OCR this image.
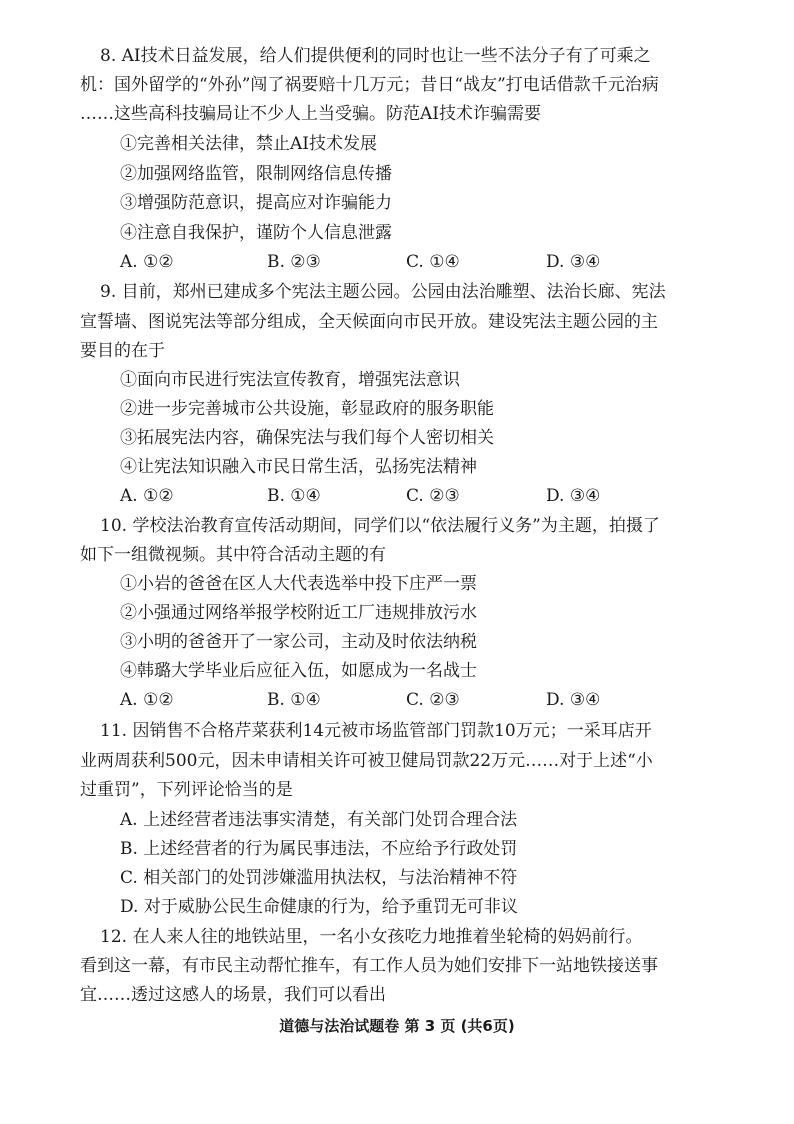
8. AI技术日益发展，给人们提供便利的同时也让一些不法分子有了可乘之
机：国外留学的“外孙”闯了祸要赔十几万元；昔日“战友”打电话借款千元治病
……这些高科技骗局让不少人上当受骗。防范AI技术诈骗需要
①完善相关法律，禁止AI技术发展
②加强网络监管，限制网络信息传播
③增强防范意识，提高应对诈骗能力
④注意自我保护，谨防个人信息泄露
A. ①②	B. ②③	C. ①④	D. ③④
9. 目前，郑州已建成多个宪法主题公园。公园由法治雕塑、法治长廊、宪法
宣誓墙、图说宪法等部分组成，全天候面向市民开放。建设宪法主题公园的主
要目的在于
①面向市民进行宪法宣传教育，增强宪法意识
②进一步完善城市公共设施，彰显政府的服务职能
③拓展宪法内容，确保宪法与我们每个人密切相关
④让宪法知识融入市民日常生活，弘扬宪法精神
A. ①②	B. ①④	C. ②③	D. ③④
10. 学校法治教育宣传活动期间，同学们以“依法履行义务”为主题，拍摄了
如下一组微视频。其中符合活动主题的有
①小岩的爸爸在区人大代表选举中投下庄严一票
②小强通过网络举报学校附近工厂违规排放污水
③小明的爸爸开了一家公司，主动及时依法纳税
④韩璐大学毕业后应征入伍，如愿成为一名战士
A. ①②	B. ①④	C. ②③	D. ③④
11. 因销售不合格芹菜获利14元被市场监管部门罚款10万元；一采耳店开
业两周获利500元，因未申请相关许可被卫健局罚款22万元……对于上述“小
过重罚”，下列评论恰当的是
A. 上述经营者违法事实清楚，有关部门处罚合理合法
B. 上述经营者的行为属民事违法，不应给予行政处罚
C. 相关部门的处罚涉嫌滥用执法权，与法治精神不符
D. 对于威胁公民生命健康的行为，给予重罚无可非议
12. 在人来人往的地铁站里，一名小女孩吃力地推着坐轮椅的妈妈前行。
看到这一幕，有市民主动帮忙推车，有工作人员为她们安排下一站地铁接送事
宜……透过这感人的场景，我们可以看出
道德与法治试题卷 第 3 页 (共6页)
